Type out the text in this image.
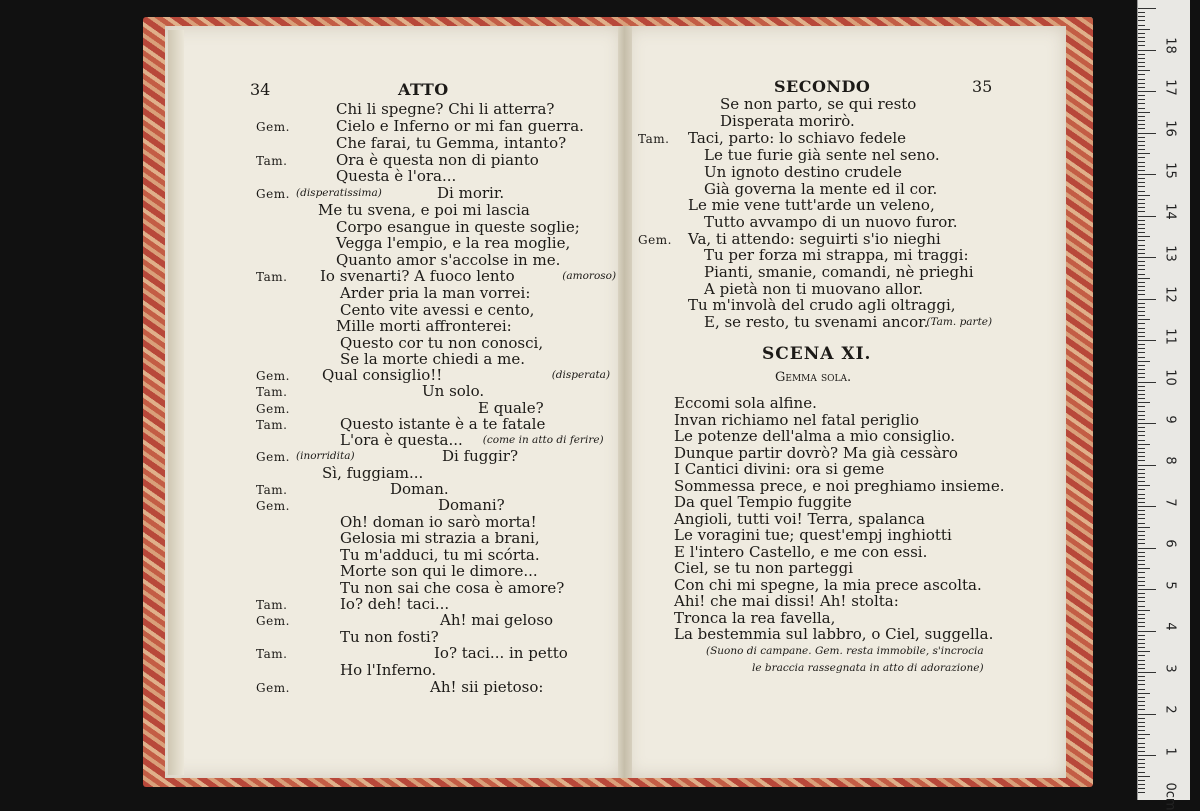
34	ATTO	SECONDO	35
SCENA XI.
Gemma sola.
(Suono di campane. Gem. resta immobile, s'incrocia
le braccia rassegnata in atto di adorazione)
18
17
16
15
14
13
12
11
10
9
8
7
6
5
4
3
2
1
0cm
Chi li spegne? Chi li atterra?
Gem.	Cielo e Inferno or mi fan guerra.
Che farai, tu Gemma, intanto?
Tam.	Ora è questa non di pianto
Questa è l'ora...
Gem. (disperatissima)	Di morir.
Me tu svena, e poi mi lascia
Corpo esangue in queste soglie;
Vegga l'empio, e la rea moglie,
Quanto amor s'accolse in me.
Tam. Io svenarti? A fuoco lento	(amoroso)
Arder pria la man vorrei:
Cento vite avessi e cento,
Mille morti affronterei:
Questo cor tu non conosci,
Se la morte chiedi a me.
Gem. Qual consiglio!!	(disperata)
Tam.	Un solo.
Gem.	E quale?
Tam.	Questo istante è a te fatale
L'ora è questa... (come in atto di ferire)
Gem. (inorridita)	Di fuggir?
Sì, fuggiam...
Tam.	Doman.
Gem.	Domani?
Oh! doman io sarò morta!
Gelosia mi strazia a brani,
Tu m'adduci, tu mi scórta.
Morte son qui le dimore...
Tu non sai che cosa è amore?
Tam.	Io? deh! taci...
Gem.	Ah! mai geloso
Tu non fosti?
Tam.	Io? taci... in petto
Ho l'Inferno.
Gem.	Ah! sii pietoso:
Se non parto, se qui resto
Disperata morirò.
Tam. Taci, parto: lo schiavo fedele
Le tue furie già sente nel seno.
Un ignoto destino crudele
Già governa la mente ed il cor.
Le mie vene tutt'arde un veleno,
Tutto avvampo di un nuovo furor.
Gem. Va, ti attendo: seguirti s'io nieghi
Tu per forza mi strappa, mi traggi:
Pianti, smanie, comandi, nè prieghi
A pietà non ti muovano allor.
Tu m'involà del crudo agli oltraggi,
E, se resto, tu svenami ancor.
(Tam. parte)
Eccomi sola alfine.
Invan richiamo nel fatal periglio
Le potenze dell'alma a mio consiglio.
Dunque partir dovrò? Ma già cessàro
I Cantici divini: ora si geme
Sommessa prece, e noi preghiamo insieme.
Da quel Tempio fuggite
Angioli, tutti voi! Terra, spalanca
Le voragini tue; quest'empj inghiotti
E l'intero Castello, e me con essi.
Ciel, se tu non parteggi
Con chi mi spegne, la mia prece ascolta.
Ahi! che mai dissi! Ah! stolta:
Tronca la rea favella,
La bestemmia sul labbro, o Ciel, suggella.
